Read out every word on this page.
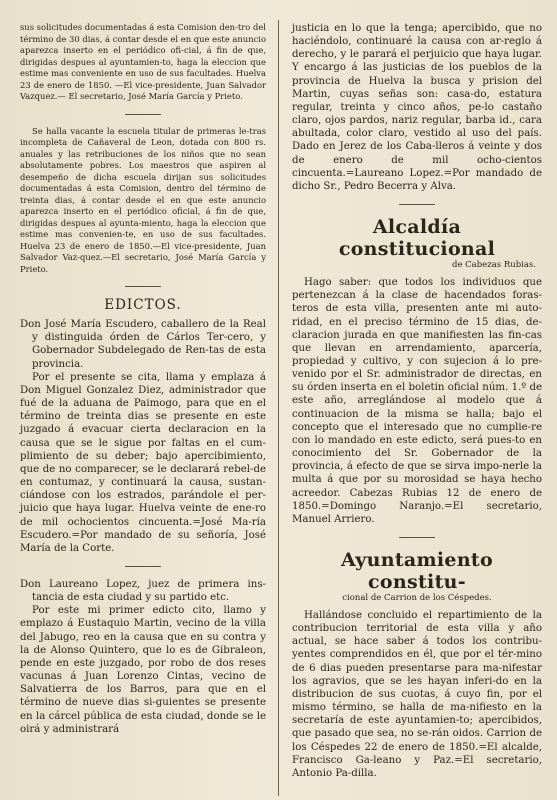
sus solicitudes documentadas á esta Comision den-tro del término de 30 dias, á contar desde el en que este anuncio aparezca inserto en el periódico ofi-cial, á fin de que, dirigidas despues al ayuntamien-to, haga la eleccion que estime mas conveniente en uso de sus facultades. Huelva 23 de enero de 1850. —El vice-presidente, Juan Salvador Vazquez.— El secretario, José María García y Prieto.

Se halla vacante la escuela titular de primeras le-tras incompleta de Cañaveral de Leon, dotada con 800 rs. anuales y las retribuciones de los niños que no sean absolutamente pobres. Los maestros que aspiren al desempeño de dicha escuela dirijan sus solicitudes documentadas á esta Comision, dentro del término de treinta dias, á contar desde el en que este anuncio aparezca inserto en el periódico oficial, á fin de que, dirigidas despues al ayunta-miento, haga la eleccion que estime mas convenien-te, en uso de sus facultades. Huelva 23 de enero de 1850.—El vice-presidente, Juan Salvador Vaz-quez.—El secretario, José María García y Prieto.

EDICTOS.

Don José María Escudero, caballero de la Real y distinguida órden de Cárlos Ter-cero, y Gobernador Subdelegado de Ren-tas de esta provincia.

Por el presente se cita, llama y emplaza á Don Miguel Gonzalez Diez, administrador que fué de la aduana de Paimogo, para que en el término de treinta dias se presente en este juzgado á evacuar cierta declaracion en la causa que se le sigue por faltas en el cum-plimiento de su deber; bajo apercibimiento, que de no comparecer, se le declarará rebel-de en contumaz, y continuará la causa, sustan-ciándose con los estrados, parándole el per-juicio que haya lugar. Huelva veinte de ene-ro de mil ochocientos cincuenta.=José Ma-ría Escudero.=Por mandado de su señoría, José María de la Corte.

Don Laureano Lopez, juez de primera ins-tancia de esta ciudad y su partido etc.

Por este mi primer edicto cito, llamo y emplazo á Eustaquio Martin, vecino de la villa del Jabugo, reo en la causa que en su contra y la de Alonso Quintero, que lo es de Gibraleon, pende en este juzgado, por robo de dos reses vacunas á Juan Lorenzo Cintas, vecino de Salvatierra de los Barros, para que en el término de nueve dias si-guientes se presente en la cárcel pública de esta ciudad, donde se le oirá y administrará

justicia en lo que la tenga; apercibido, que no haciéndolo, continuaré la causa con ar-reglo á derecho, y le parará el perjuicio que haya lugar. Y encargo á las justicias de los pueblos de la provincia de Huelva la busca y prision del Martin, cuyas señas son: casa-do, estatura regular, treinta y cinco años, pe-lo castaño claro, ojos pardos, nariz regular, barba id., cara abultada, color claro, vestido al uso del país. Dado en Jerez de los Caba-lleros á veinte y dos de enero de mil ocho-cientos cincuenta.=Laureano Lopez.=Por mandado de dicho Sr., Pedro Becerra y Alva.

Alcaldía constitucional
de Cabezas Rubias.

Hago saber: que todos los individuos que pertenezcan á la clase de hacendados foras-teros de esta villa, presenten ante mi auto-ridad, en el preciso término de 15 dias, de-claracion jurada en que manifiesten las fin-cas que llevan en arrendamiento, aparcería, propiedad y cultivo, y con sujecion á lo pre-venido por el Sr. administrador de directas, en su órden inserta en el boletin oficial núm. 1.º de este año, arreglándose al modelo que á continuacion de la misma se halla; bajo el concepto que el interesado que no cumplie-re con lo mandado en este edicto, será pues-to en conocimiento del Sr. Gobernador de la provincia, á efecto de que se sirva impo-nerle la multa á que por su morosidad se haya hecho acreedor. Cabezas Rubias 12 de enero de 1850.=Domingo Naranjo.=El secretario, Manuel Arriero.

Ayuntamiento constitu-
cional de Carrion de los Céspedes.

Hallándose concluido el repartimiento de la contribucion territorial de esta villa y año actual, se hace saber á todos los contribu-yentes comprendidos en él, que por el tér-mino de 6 dias pueden presentarse para ma-nifestar los agravios, que se les hayan inferi-do en la distribucion de sus cuotas, á cuyo fin, por el mismo término, se halla de ma-nifiesto en la secretaría de este ayuntamien-to; apercibidos, que pasado que sea, no se-rán oidos. Carrion de los Céspedes 22 de enero de 1850.=El alcalde, Francisco Ga-leano y Paz.=El secretario, Antonio Pa-dilla.
